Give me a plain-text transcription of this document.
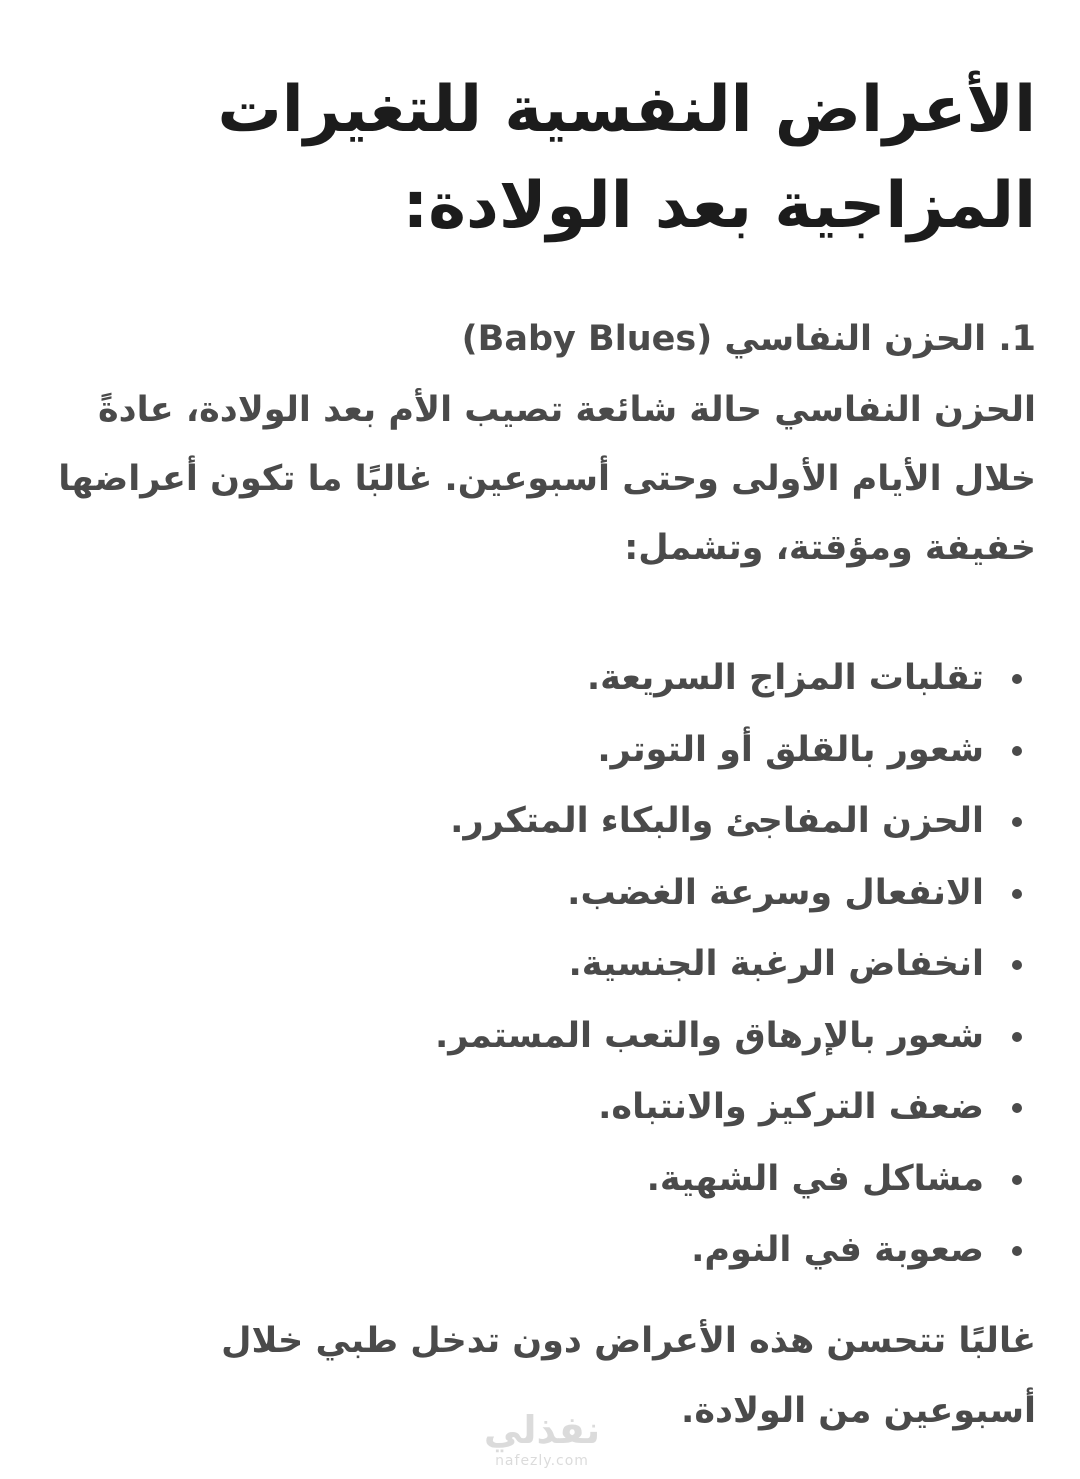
الأعراض النفسية للتغيرات المزاجية بعد الولادة:

1. الحزن النفاسي (Baby Blues)

الحزن النفاسي حالة شائعة تصيب الأم بعد الولادة، عادةً خلال الأيام الأولى وحتى أسبوعين. غالبًا ما تكون أعراضها خفيفة ومؤقتة، وتشمل:

تقلبات المزاج السريعة.
شعور بالقلق أو التوتر.
الحزن المفاجئ والبكاء المتكرر.
الانفعال وسرعة الغضب.
انخفاض الرغبة الجنسية.
شعور بالإرهاق والتعب المستمر.
ضعف التركيز والانتباه.
مشاكل في الشهية.
صعوبة في النوم.

غالبًا تتحسن هذه الأعراض دون تدخل طبي خلال أسبوعين من الولادة.

نفذلي
nafezly.com
